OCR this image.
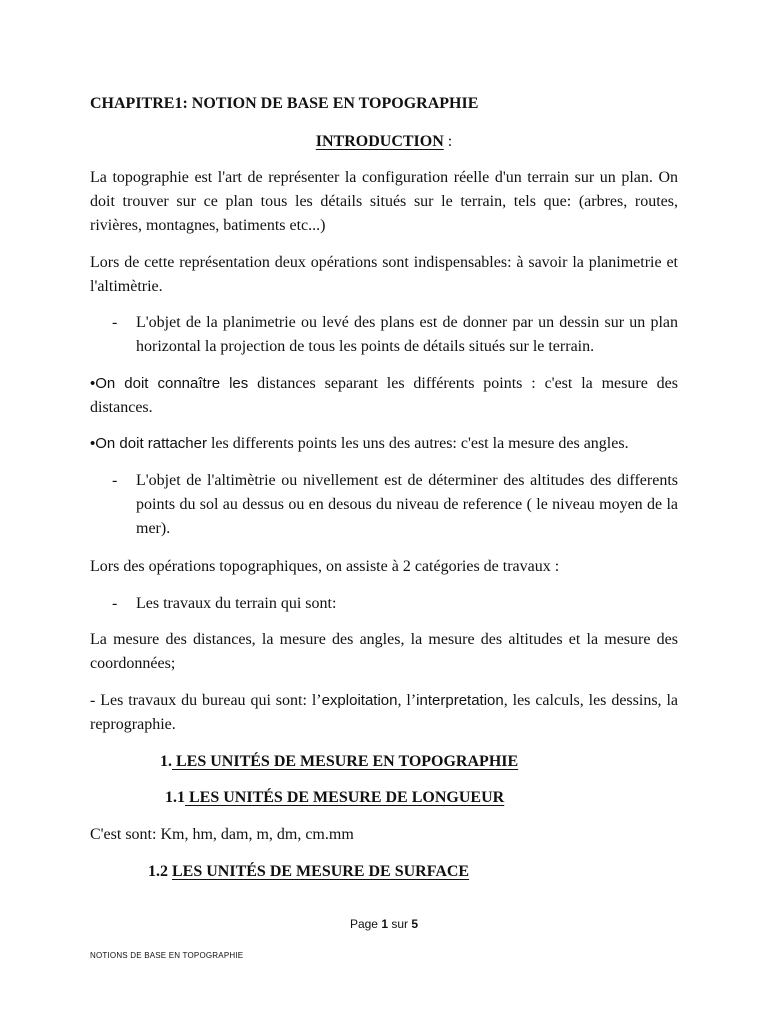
CHAPITRE1: NOTION DE BASE EN TOPOGRAPHIE
INTRODUCTION :

La topographie est l'art de représenter la configuration réelle d'un terrain sur un plan. On doit trouver sur ce plan tous les détails situés sur le terrain, tels que: (arbres, routes, rivières, montagnes, batiments etc...)

Lors de cette représentation deux opérations sont indispensables: à savoir la planimetrie et l'altimètrie.

- L'objet de la planimetrie ou levé des plans est de donner par un dessin sur un plan horizontal la projection de tous les points de détails situés sur le terrain.

•On doit connaître les distances separant les différents points : c'est la mesure des distances.

•On doit rattacher les differents points les uns des autres: c'est la mesure des angles.

- L'objet de l'altimètrie ou nivellement est de déterminer des altitudes des differents points du sol au dessus ou en desous du niveau de reference ( le niveau moyen de la mer).

Lors des opérations topographiques, on assiste à 2 catégories de travaux :

- Les travaux du terrain qui sont:

La mesure des distances, la mesure des angles, la mesure des altitudes et la mesure des coordonnées;

- Les travaux du bureau qui sont: l’exploitation, l’interpretation, les calculs, les dessins, la reprographie.

1. LES UNITÉS DE MESURE EN TOPOGRAPHIE
1.1 LES UNITÉS DE MESURE DE LONGUEUR

C'est sont: Km, hm, dam, m, dm, cm.mm

1.2 LES UNITÉS DE MESURE DE SURFACE
Page 1 sur 5
NOTIONS DE BASE EN TOPOGRAPHIE
